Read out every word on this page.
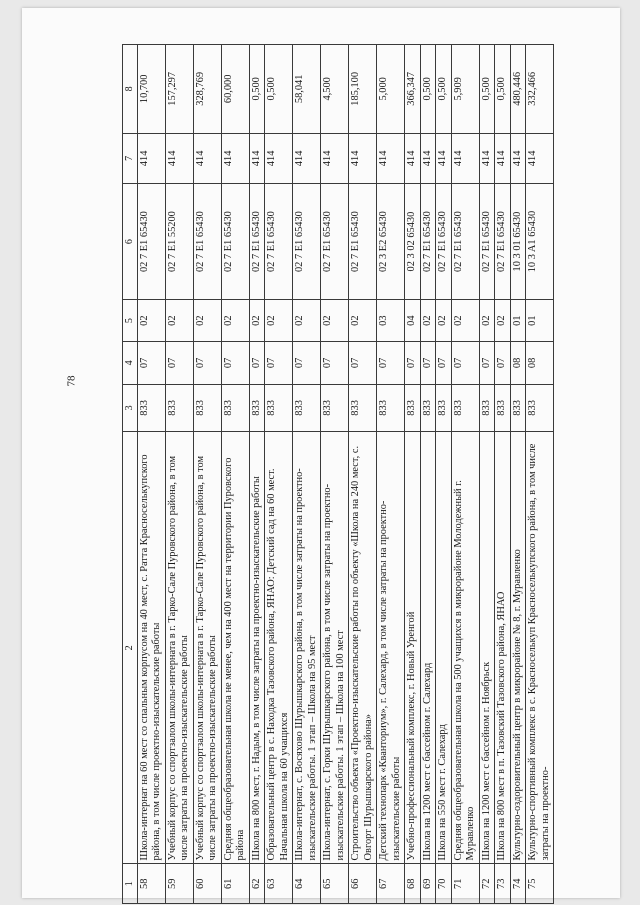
78
1	2	3	4	5	6	7	8
58	Школа-интернат на 60 мест со спальным корпусом на 40 мест, с. Ратта Красноселькупского района, в том числе проектно-изыскательские работы	833	07	02	02 7 E1 65430	414	10,700
59	Учебный корпус со спортзалом школы-интерната в г. Тарко-Сале Пуровского района, в том числе затраты на проектно-изыскательские работы	833	07	02	02 7 E1 55200	414	157,297
60	Учебный корпус со спортзалом школы-интерната в г. Тарко-Сале Пуровского района, в том числе затраты на проектно-изыскательские работы	833	07	02	02 7 E1 65430	414	328,769
61	Средняя общеобразовательная школа не менее, чем на 400 мест на территории Пуровского района	833	07	02	02 7 E1 65430	414	60,000
62	Школа на 800 мест, г. Надым, в том числе затраты на проектно-изыскательские работы	833	07	02	02 7 E1 65430	414	0,500
63	Образовательный центр в с. Находка Тазовского района, ЯНАО: Детский сад на 60 мест. Начальная школа на 60 учащихся	833	07	02	02 7 E1 65430	414	0,500
64	Школа-интернат, с. Восяхово Шурышкарского района, в том числе затраты на проектно-изыскательские работы. 1 этап – Школа на 95 мест	833	07	02	02 7 E1 65430	414	58,041
65	Школа-интернат, с. Горки Шурышкарского района, в том числе затраты на проектно-изыскательские работы. 1 этап – Школа на 100 мест	833	07	02	02 7 E1 65430	414	4,500
66	Строительство объекта «Проектно-изыскательские работы по объекту «Школа на 240 мест, с. Овгорт Шурышкарского района»	833	07	02	02 7 E1 65430	414	185,100
67	Детский технопарк «Кванториум», г. Салехард, в том числе затраты на проектно-изыскательские работы	833	07	03	02 3 E2 65430	414	5,000
68	Учебно-профессиональный комплекс, г. Новый Уренгой	833	07	04	02 3 02 65430	414	366,347
69	Школа на 1200 мест с бассейном г. Салехард	833	07	02	02 7 E1 65430	414	0,500
70	Школа на 550 мест г. Салехард	833	07	02	02 7 E1 65430	414	0,500
71	Средняя общеобразовательная школа на 500 учащихся в микрорайоне Молодежный г. Муравленко	833	07	02	02 7 E1 65430	414	5,909
72	Школа на 1200 мест с бассейном г. Ноябрьск	833	07	02	02 7 E1 65430	414	0,500
73	Школа на 800 мест в п. Тазовский Тазовского района, ЯНАО	833	07	02	02 7 E1 65430	414	0,500
74	Культурно-оздоровительный центр в микрорайоне № 8, г. Муравленко	833	08	01	10 3 01 65430	414	480,446
75	Культурно-спортивный комплекс в с. Красноселькуп Красноселькупского района, в том числе затраты на проектно-	833	08	01	10 3 A1 65430	414	332,466
